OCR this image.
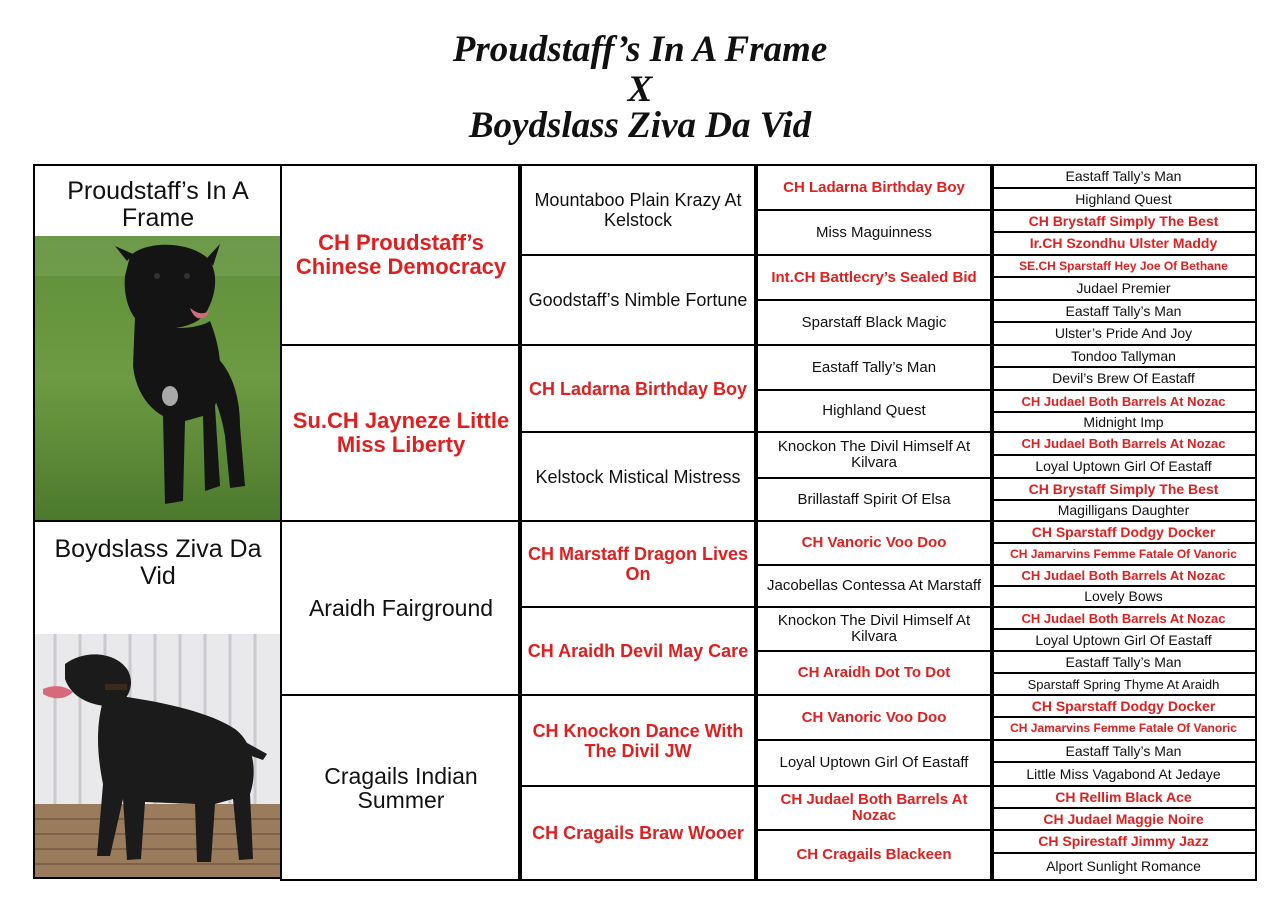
Proudstaff’s In A Frame
X
Boydslass Ziva Da Vid
Proudstaff’s In A Frame
Boydslass Ziva Da Vid
CH Proudstaff’s Chinese Democracy
Su.CH Jayneze Little Miss Liberty
Araidh Fairground
Cragails Indian Summer
Mountaboo Plain Krazy At Kelstock
Goodstaff’s Nimble Fortune
CH Ladarna Birthday Boy
Kelstock Mistical Mistress
CH Marstaff Dragon Lives On
CH Araidh Devil May Care
CH Knockon Dance With The Divil JW
CH Cragails Braw Wooer
CH Ladarna Birthday Boy
Miss Maguinness
Int.CH Battlecry’s Sealed Bid
Sparstaff Black Magic
Eastaff Tally’s Man
Highland Quest
Knockon The Divil Himself At Kilvara
Brillastaff Spirit Of Elsa
CH Vanoric Voo Doo
Jacobellas Contessa At Marstaff
Knockon The Divil Himself At Kilvara
CH Araidh Dot To Dot
CH Vanoric Voo Doo
Loyal Uptown Girl Of Eastaff
CH Judael Both Barrels At Nozac
CH Cragails Blackeen
Eastaff Tally’s Man
Highland Quest
CH Brystaff Simply The Best
Ir.CH Szondhu Ulster Maddy
SE.CH Sparstaff Hey Joe Of Bethane
Judael Premier
Eastaff Tally’s Man
Ulster’s Pride And Joy
Tondoo Tallyman
Devil’s Brew Of Eastaff
CH Judael Both Barrels At Nozac
Midnight Imp
CH Judael Both Barrels At Nozac
Loyal Uptown Girl Of Eastaff
CH Brystaff Simply The Best
Magilligans Daughter
CH Sparstaff Dodgy Docker
CH Jamarvins Femme Fatale Of Vanoric
CH Judael Both Barrels At Nozac
Lovely Bows
CH Judael Both Barrels At Nozac
Loyal Uptown Girl Of Eastaff
Eastaff Tally’s Man
Sparstaff Spring Thyme At Araidh
CH Sparstaff Dodgy Docker
CH Jamarvins Femme Fatale Of Vanoric
Eastaff Tally’s Man
Little Miss Vagabond At Jedaye
CH Rellim Black Ace
CH Judael Maggie Noire
CH Spirestaff Jimmy Jazz
Alport Sunlight Romance
